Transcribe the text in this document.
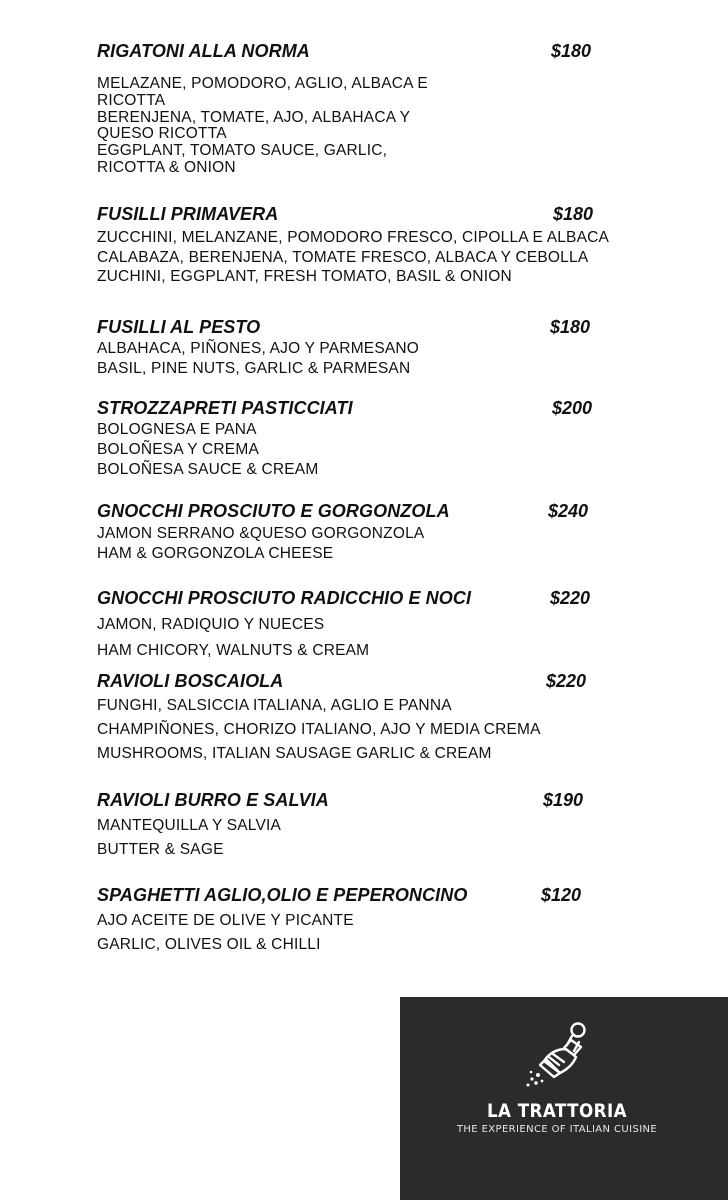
RIGATONI ALLA NORMA	$180
MELAZANE, POMODORO, AGLIO, ALBACA E
RICOTTA
BERENJENA, TOMATE, AJO, ALBAHACA Y
QUESO RICOTTA
EGGPLANT, TOMATO SAUCE, GARLIC,
RICOTTA & ONION
FUSILLI PRIMAVERA	$180
ZUCCHINI, MELANZANE, POMODORO FRESCO, CIPOLLA E ALBACA
CALABAZA, BERENJENA, TOMATE FRESCO, ALBACA Y CEBOLLA
ZUCHINI, EGGPLANT, FRESH TOMATO, BASIL & ONION
FUSILLI AL PESTO	$180
ALBAHACA, PIÑONES, AJO Y PARMESANO
BASIL, PINE NUTS, GARLIC & PARMESAN
STROZZAPRETI PASTICCIATI	$200
BOLOGNESA E PANA
BOLOÑESA Y CREMA
BOLOÑESA SAUCE & CREAM
GNOCCHI PROSCIUTO E GORGONZOLA	$240
JAMON SERRANO &QUESO GORGONZOLA
HAM & GORGONZOLA CHEESE
GNOCCHI PROSCIUTO RADICCHIO E NOCI	$220
JAMON, RADIQUIO Y NUECES
HAM CHICORY, WALNUTS & CREAM
RAVIOLI BOSCAIOLA	$220
FUNGHI, SALSICCIA ITALIANA, AGLIO E PANNA
CHAMPIÑONES, CHORIZO ITALIANO, AJO Y MEDIA CREMA
MUSHROOMS, ITALIAN SAUSAGE GARLIC & CREAM
RAVIOLI BURRO E SALVIA	$190
MANTEQUILLA Y SALVIA
BUTTER & SAGE
SPAGHETTI AGLIO,OLIO E PEPERONCINO	$120
AJO ACEITE DE OLIVE Y PICANTE
GARLIC, OLIVES OIL & CHILLI
LA TRATTORIA
THE EXPERIENCE OF ITALIAN CUISINE
